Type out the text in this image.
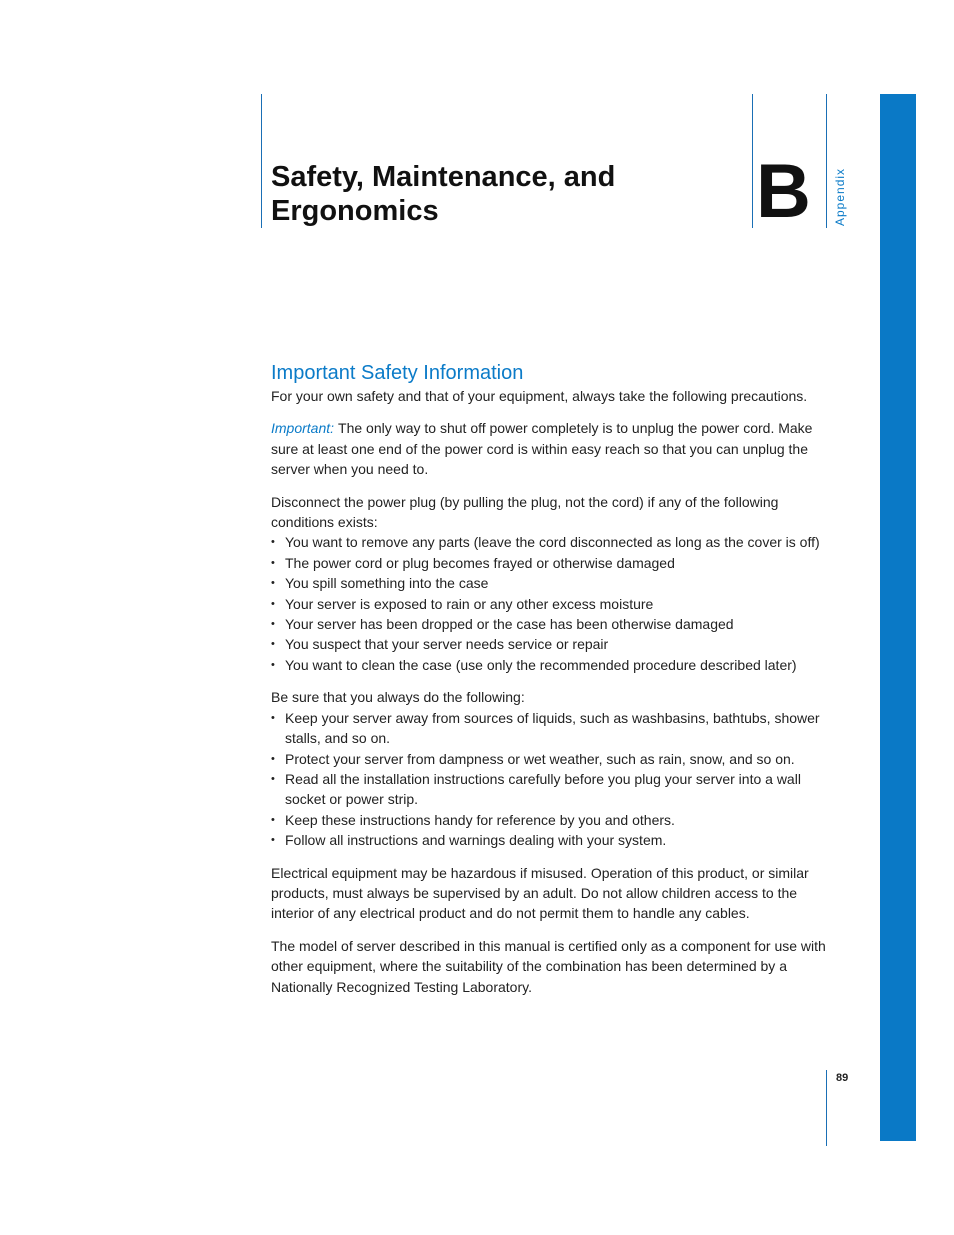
Safety, Maintenance, and
Ergonomics	B	Appendix
Important Safety Information

For your own safety and that of your equipment, always take the following precautions.

Important: The only way to shut off power completely is to unplug the power cord. Make sure at least one end of the power cord is within easy reach so that you can unplug the server when you need to.

Disconnect the power plug (by pulling the plug, not the cord) if any of the following conditions exists:

• You want to remove any parts (leave the cord disconnected as long as the cover is off)
• The power cord or plug becomes frayed or otherwise damaged
• You spill something into the case
• Your server is exposed to rain or any other excess moisture
• Your server has been dropped or the case has been otherwise damaged
• You suspect that your server needs service or repair
• You want to clean the case (use only the recommended procedure described later)

Be sure that you always do the following:

• Keep your server away from sources of liquids, such as washbasins, bathtubs, shower stalls, and so on.
• Protect your server from dampness or wet weather, such as rain, snow, and so on.
• Read all the installation instructions carefully before you plug your server into a wall socket or power strip.
• Keep these instructions handy for reference by you and others.
• Follow all instructions and warnings dealing with your system.

Electrical equipment may be hazardous if misused. Operation of this product, or similar products, must always be supervised by an adult. Do not allow children access to the interior of any electrical product and do not permit them to handle any cables.

The model of server described in this manual is certified only as a component for use with other equipment, where the suitability of the combination has been determined by a Nationally Recognized Testing Laboratory.

89
